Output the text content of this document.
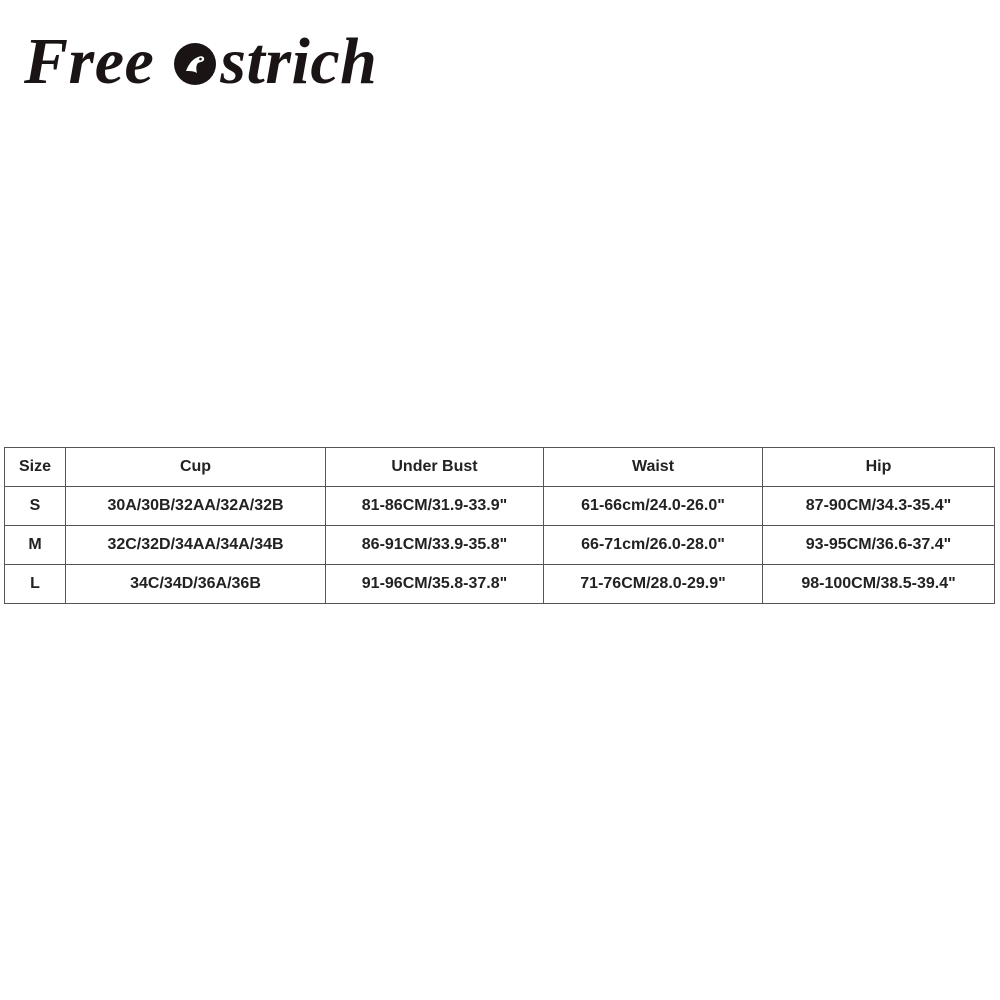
Free strich
Size	Cup	Under Bust	Waist	Hip
S	30A/30B/32AA/32A/32B	81-86CM/31.9-33.9"	61-66cm/24.0-26.0"	87-90CM/34.3-35.4"
M	32C/32D/34AA/34A/34B	86-91CM/33.9-35.8"	66-71cm/26.0-28.0"	93-95CM/36.6-37.4"
L	34C/34D/36A/36B	91-96CM/35.8-37.8"	71-76CM/28.0-29.9"	98-100CM/38.5-39.4"
